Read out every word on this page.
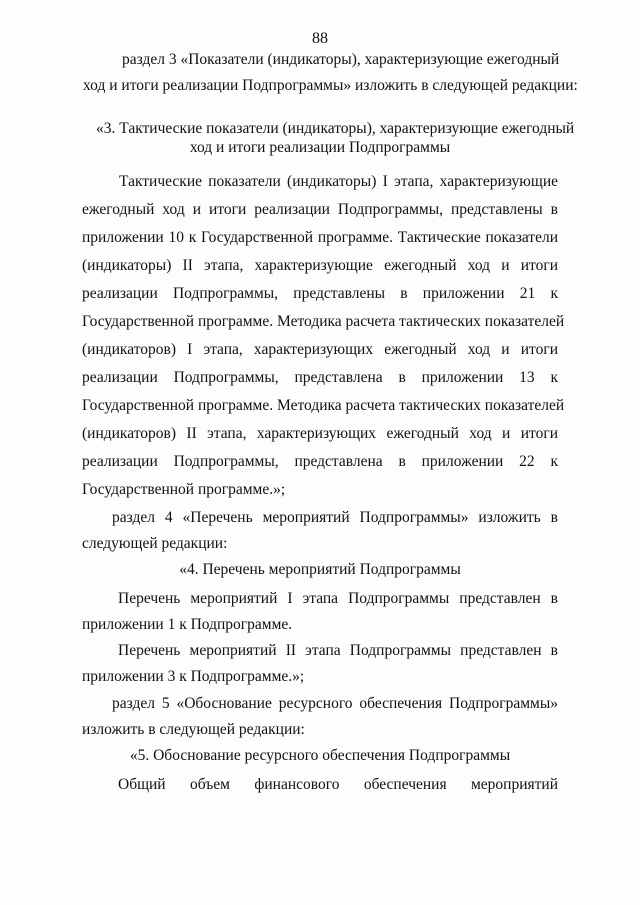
88
раздел 3 «Показатели (индикаторы), характеризующие ежегодный
ход и итоги реализации Подпрограммы» изложить в следующей редакции:
«3. Тактические показатели (индикаторы), характеризующие ежегодный
ход и итоги реализации Подпрограммы
Тактические показатели (индикаторы) I этапа, характеризующие
ежегодный ход и итоги реализации Подпрограммы, представлены в
приложении 10 к Государственной программе. Тактические показатели
(индикаторы) II этапа, характеризующие ежегодный ход и итоги
реализации Подпрограммы, представлены в приложении 21 к
Государственной программе. Методика расчета тактических показателей
(индикаторов) I этапа, характеризующих ежегодный ход и итоги
реализации Подпрограммы, представлена в приложении 13 к
Государственной программе. Методика расчета тактических показателей
(индикаторов) II этапа, характеризующих ежегодный ход и итоги
реализации Подпрограммы, представлена в приложении 22 к
Государственной программе.»;
раздел 4 «Перечень мероприятий Подпрограммы» изложить в
следующей редакции:
«4. Перечень мероприятий Подпрограммы
Перечень мероприятий I этапа Подпрограммы представлен в
приложении 1 к Подпрограмме.
Перечень мероприятий II этапа Подпрограммы представлен в
приложении 3 к Подпрограмме.»;
раздел 5 «Обоснование ресурсного обеспечения Подпрограммы»
изложить в следующей редакции:
«5. Обоснование ресурсного обеспечения Подпрограммы
Общий объем финансового обеспечения мероприятий
